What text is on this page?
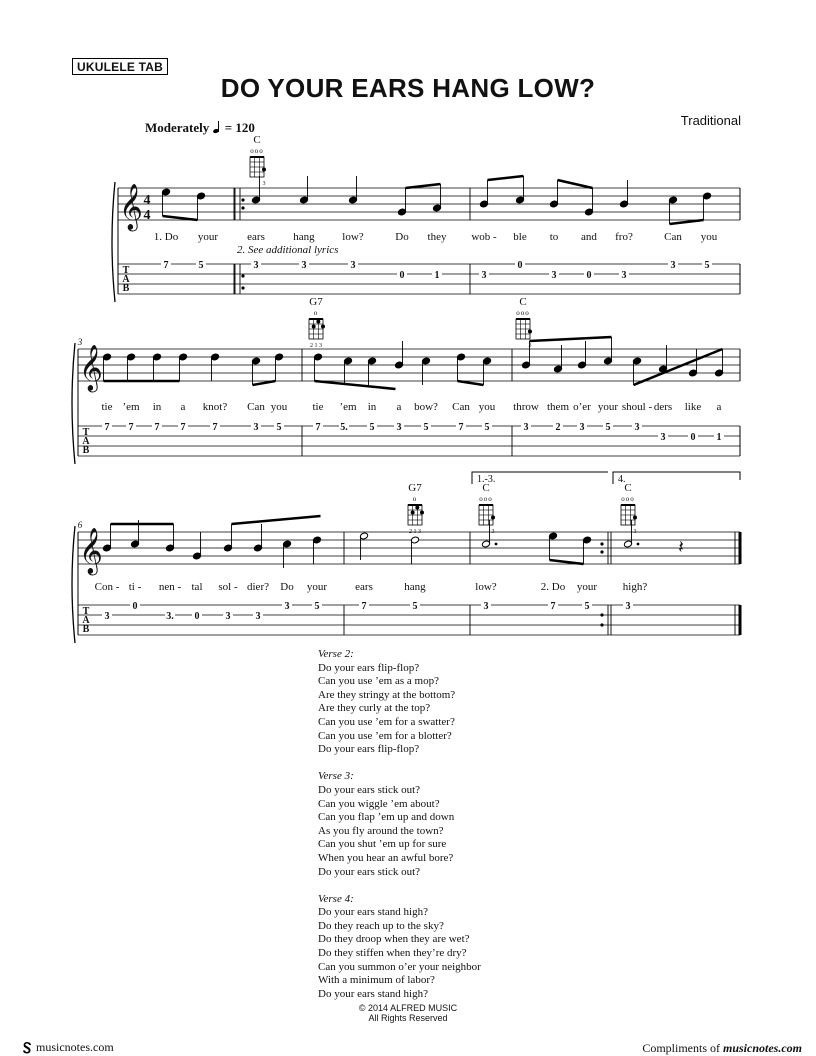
UKULELE TAB
DO YOUR EARS HANG LOW?
Traditional
Moderately = 120
𝄞
T
A
B
𝄞
T
A
B
𝄞
T
A
B
4
4
3
6
1.-3.	4.
C
ooo
3
G7
o
2 1 3
C
ooo
3
G7
o
2 1 3
C
ooo
3
C
ooo
3
𝄽
1. Do your	ears	hang	low?	Do they wob - ble to and fro?	Can you
tie ’em in a knot? Can you tie ’em in a bow? Can you throw them o’er your shoul - ders like a
Con - ti - nen - tal sol - dier? Do your	ears	hang	low?	2. Do your high?
2. See additional lyrics
7	5	3	3	3
0	1	3
0
3	0	3
3	5
7 7 7 7	7	3 5	7 5. 5 3 5	7 5	3	2 3 5 3
3	0 1
3
0
3. 0	3	3
3	5	7	5	3	7	5	3
Verse 2:
Do your ears flip-flop?
Can you use ’em as a mop?
Are they stringy at the bottom?
Are they curly at the top?
Can you use ’em for a swatter?
Can you use ’em for a blotter?
Do your ears flip-flop?
Verse 3:
Do your ears stick out?
Can you wiggle ’em about?
Can you flap ’em up and down
As you fly around the town?
Can you shut ’em up for sure
When you hear an awful bore?
Do your ears stick out?
Verse 4:
Do your ears stand high?
Do they reach up to the sky?
Do they droop when they are wet?
Do they stiffen when they’re dry?
Can you summon o’er your neighbor
With a minimum of labor?
Do your ears stand high?
© 2014 ALFRED MUSIC
All Rights Reserved
musicnotes.com	Compliments of musicnotes.com
